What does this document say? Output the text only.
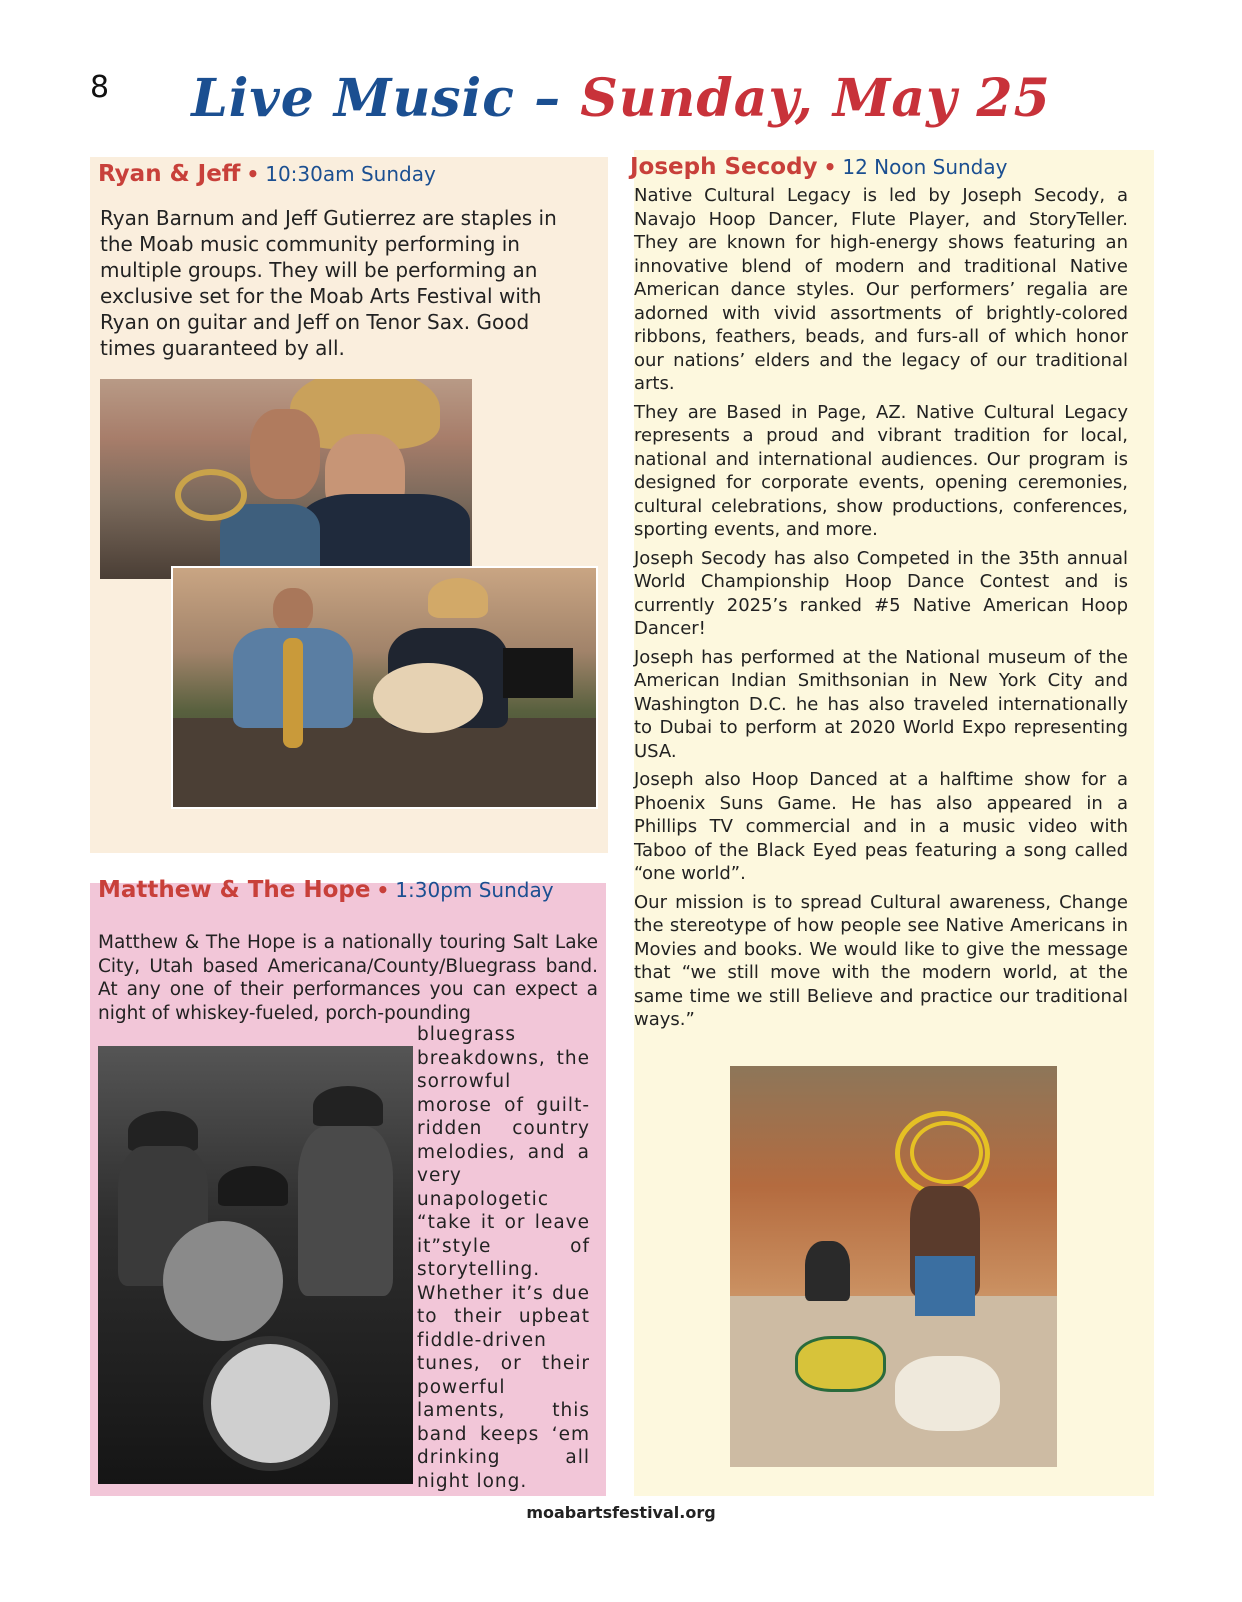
8	Live Music – Sunday, May 25
Ryan & Jeff • 10:30am Sunday

Ryan Barnum and Jeff Gutierrez are staples in the Moab music community performing in multiple groups. They will be performing an exclusive set for the Moab Arts Festival with Ryan on guitar and Jeff on Tenor Sax. Good times guaranteed by all.

Matthew & The Hope • 1:30pm Sunday

Matthew & The Hope is a nationally touring Salt Lake City, Utah based Americana/County/Bluegrass band. At any one of their performances you can expect a night of whiskey-fueled, porch-pounding

bluegrass breakdowns, the sorrowful morose of guilt-ridden country melodies, and a very unapologetic “take it or leave it”style of storytelling. Whether it’s due to their upbeat fiddle-driven tunes, or their powerful laments, this band keeps ‘em drinking all night long.

Joseph Secody • 12 Noon Sunday

Native Cultural Legacy is led by Joseph Secody, a Navajo Hoop Dancer, Flute Player, and StoryTeller. They are known for high-energy shows featuring an innovative blend of modern and traditional Native American dance styles. Our performers’ regalia are adorned with vivid assortments of brightly-colored ribbons, feathers, beads, and furs-all of which honor our nations’ elders and the legacy of our traditional arts.

They are Based in Page, AZ. Native Cultural Legacy represents a proud and vibrant tradition for local, national and international audiences. Our program is designed for corporate events, opening ceremonies, cultural celebrations, show productions, conferences, sporting events, and more.

Joseph Secody has also Competed in the 35th annual World Championship Hoop Dance Contest and is currently 2025’s ranked #5 Native American Hoop Dancer!

Joseph has performed at the National museum of the American Indian Smithsonian in New York City and Washington D.C. he has also traveled internationally to Dubai to perform at 2020 World Expo representing USA.

Joseph also Hoop Danced at a halftime show for a Phoenix Suns Game. He has also appeared in a Phillips TV commercial and in a music video with Taboo of the Black Eyed peas featuring a song called “one world”.

Our mission is to spread Cultural awareness, Change the stereotype of how people see Native Americans in Movies and books. We would like to give the message that “we still move with the modern world, at the same time we still Believe and practice our traditional ways.”

moabartsfestival.org
